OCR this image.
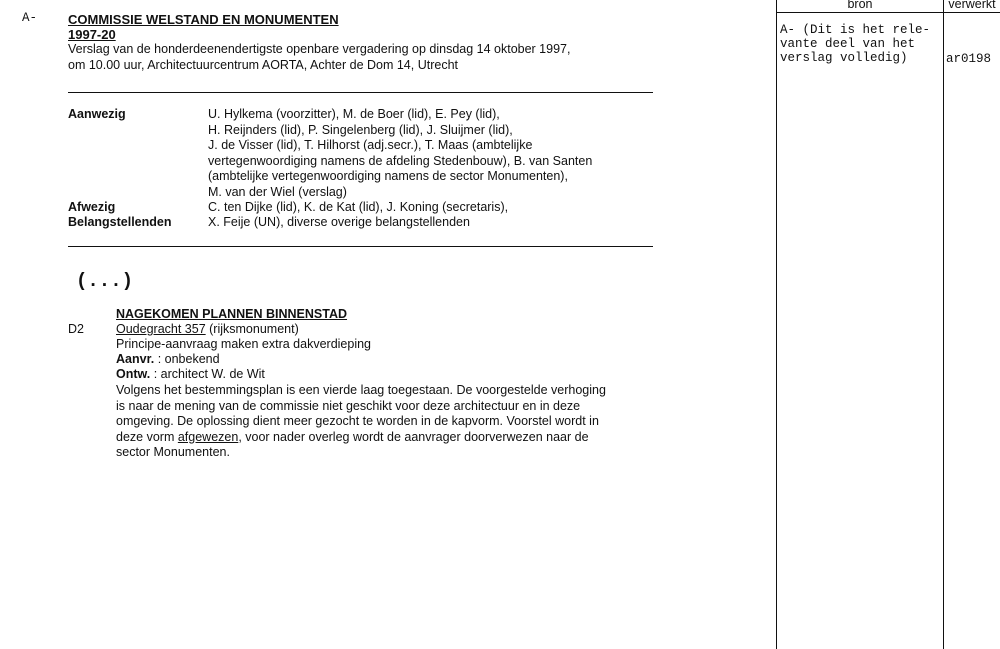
A- COMMISSIE WELSTAND EN MONUMENTEN
1997-20
Verslag van de honderdeenendertigste openbare vergadering op dinsdag 14 oktober 1997,
om 10.00 uur, Architectuurcentrum AORTA, Achter de Dom 14, Utrecht
Aanwezig	U. Hylkema (voorzitter), M. de Boer (lid), E. Pey (lid),
H. Reijnders (lid), P. Singelenberg (lid), J. Sluijmer (lid),
J. de Visser (lid), T. Hilhorst (adj.secr.), T. Maas (ambtelijke
vertegenwoordiging namens de afdeling Stedenbouw), B. van Santen
(ambtelijke vertegenwoordiging namens de sector Monumenten),
M. van der Wiel (verslag)
Afwezig	C. ten Dijke (lid), K. de Kat (lid), J. Koning (secretaris),
Belangstellenden	X. Feije (UN), diverse overige belangstellenden
(...)
NAGEKOMEN PLANNEN BINNENSTAD
D2	Oudegracht 357 (rijksmonument)
Principe-aanvraag maken extra dakverdieping
Aanvr. : onbekend
Ontw. : architect W. de Wit
Volgens het bestemmingsplan is een vierde laag toegestaan. De voorgestelde verhoging
is naar de mening van de commissie niet geschikt voor deze architectuur en in deze
omgeving. De oplossing dient meer gezocht te worden in de kapvorm. Voorstel wordt in
deze vorm afgewezen, voor nader overleg wordt de aanvrager doorverwezen naar de
sector Monumenten.
bron	verwerkt
A- (Dit is het rele-
vante deel van het
verslag volledig)	ar0198
